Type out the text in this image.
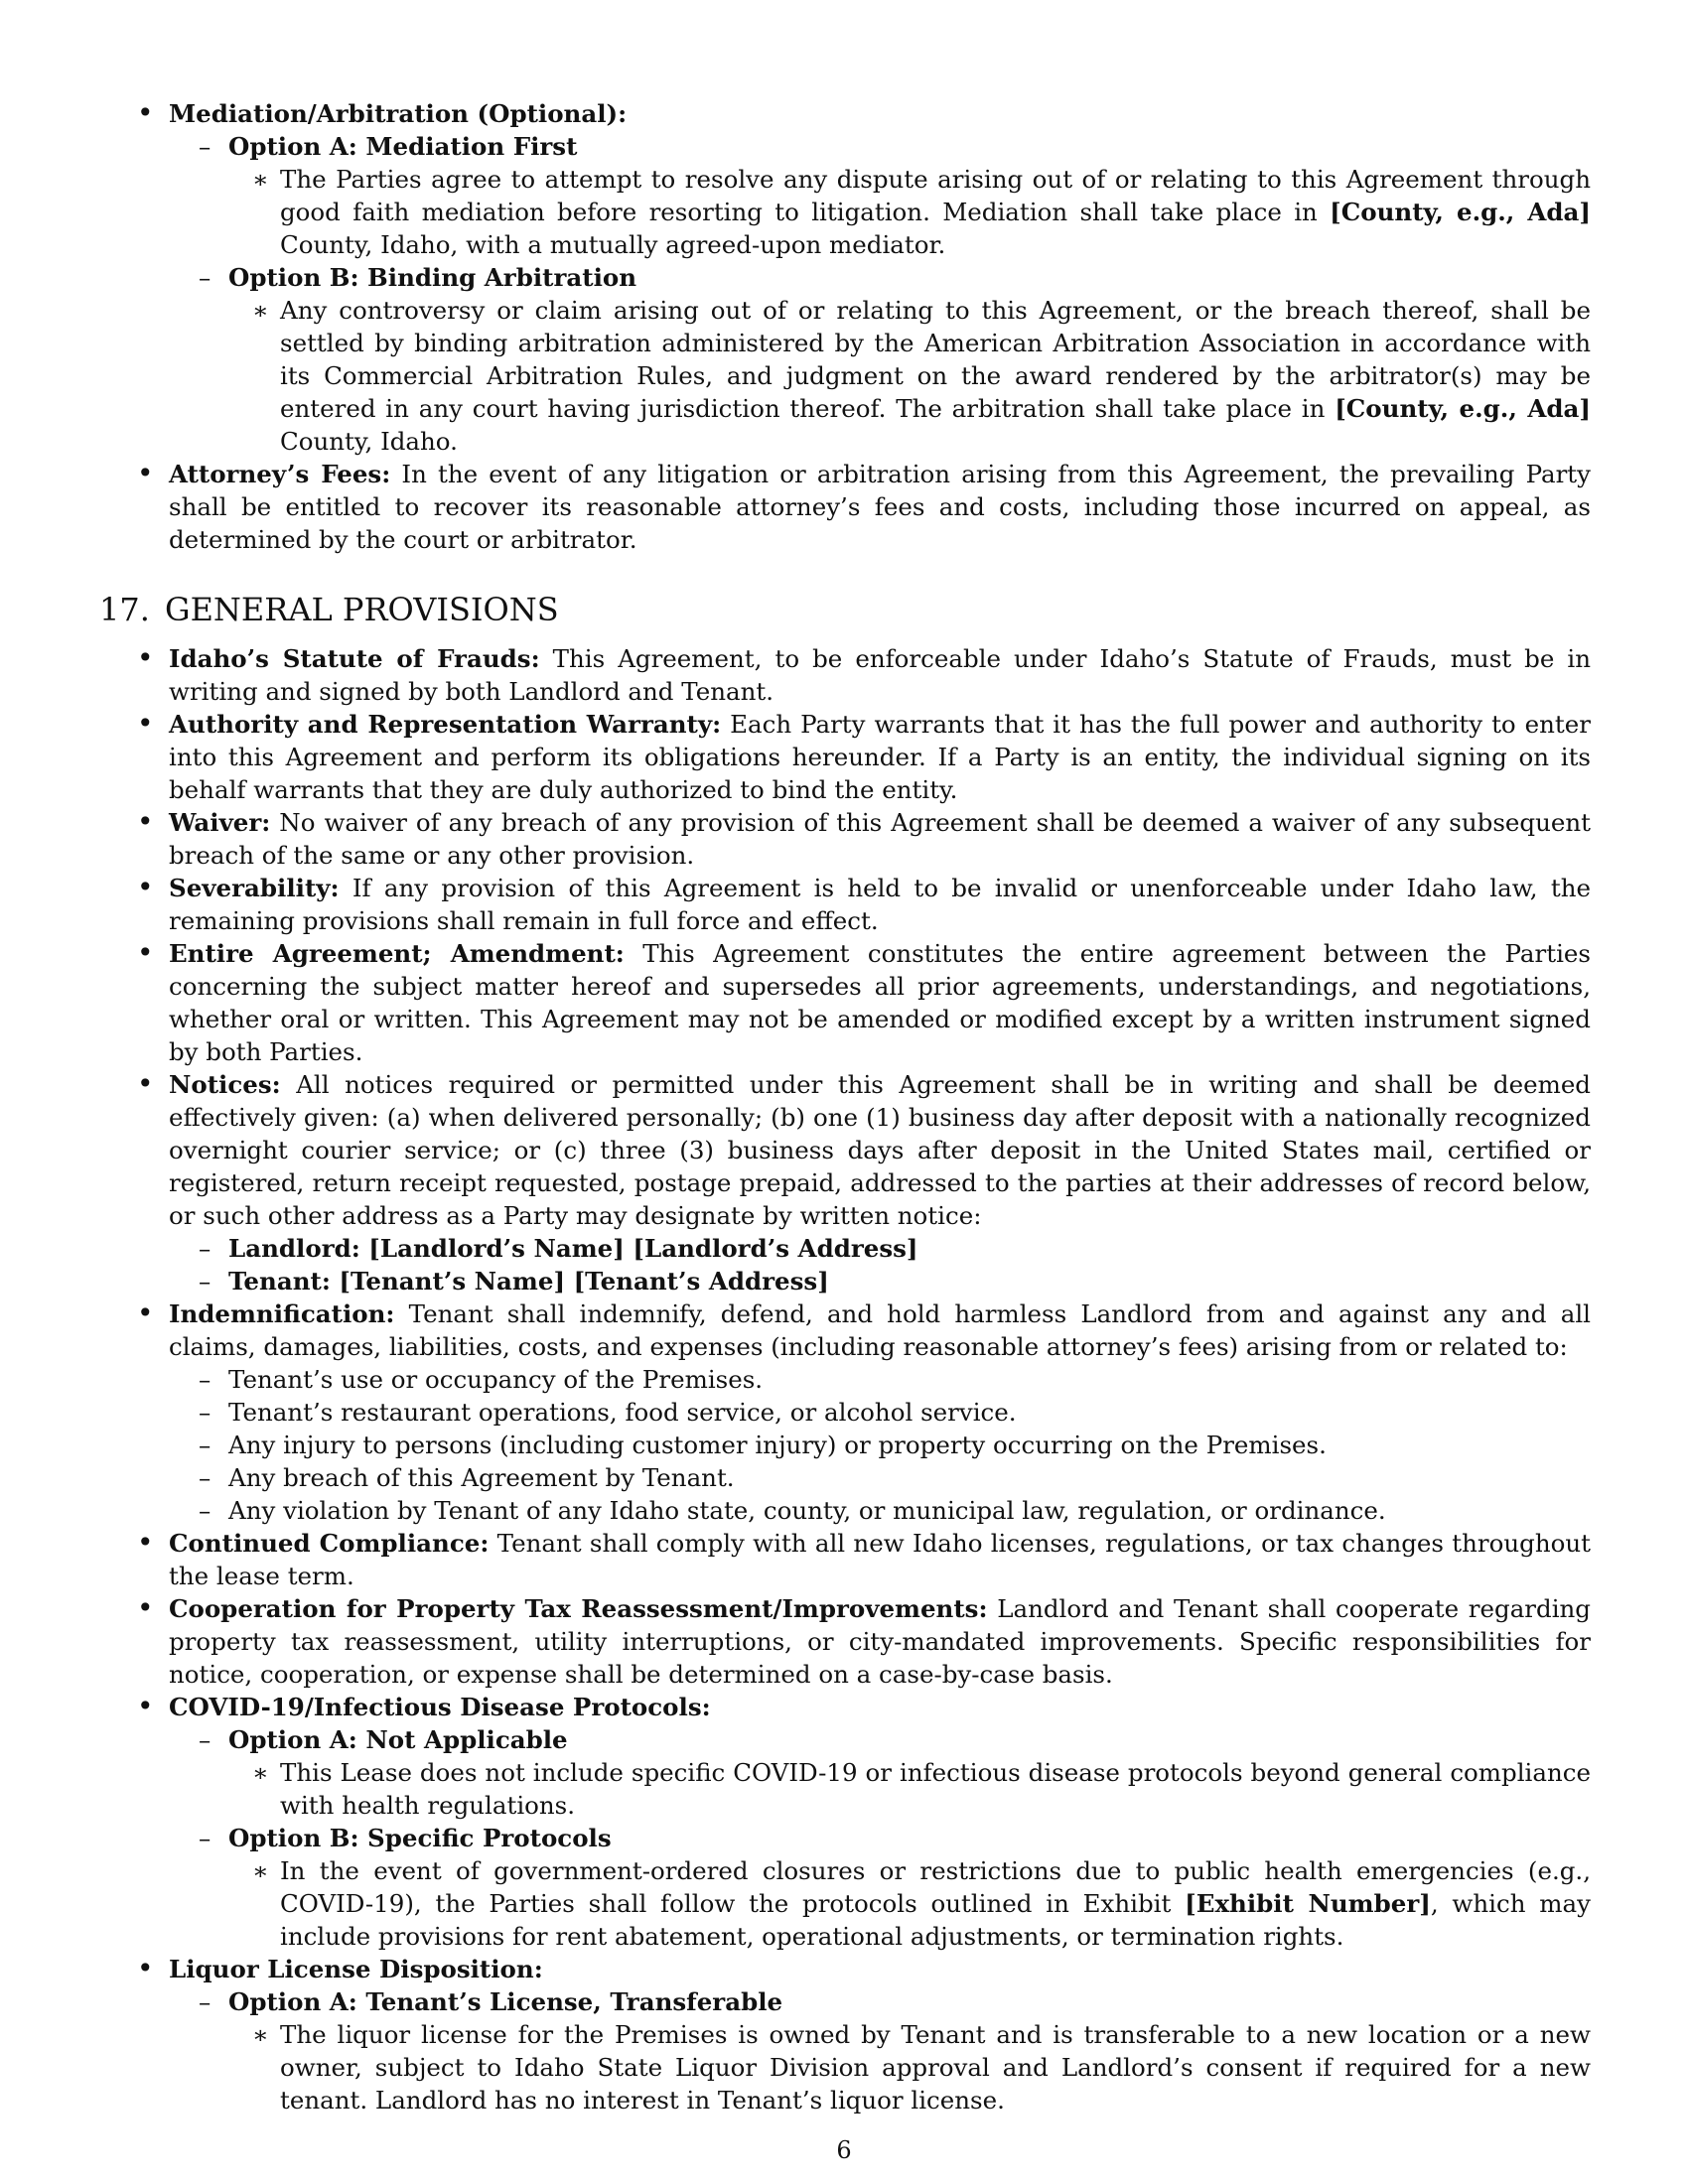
• Mediation/Arbitration (Optional):
– Option A: Mediation First
∗ The Parties agree to attempt to resolve any dispute arising out of or relating to this Agreement through good faith mediation before resorting to litigation. Mediation shall take place in [County, e.g., Ada] County, Idaho, with a mutually agreed-upon mediator.
– Option B: Binding Arbitration
∗ Any controversy or claim arising out of or relating to this Agreement, or the breach thereof, shall be settled by binding arbitration administered by the American Arbitration Association in accordance with its Commercial Arbitration Rules, and judgment on the award rendered by the arbitrator(s) may be entered in any court having jurisdiction thereof. The arbitration shall take place in [County, e.g., Ada] County, Idaho.
• Attorney’s Fees: In the event of any litigation or arbitration arising from this Agreement, the prevailing Party shall be entitled to recover its reasonable attorney’s fees and costs, including those incurred on appeal, as determined by the court or arbitrator.
17. GENERAL PROVISIONS
• Idaho’s Statute of Frauds: This Agreement, to be enforceable under Idaho’s Statute of Frauds, must be in writing and signed by both Landlord and Tenant.
• Authority and Representation Warranty: Each Party warrants that it has the full power and authority to enter into this Agreement and perform its obligations hereunder. If a Party is an entity, the individual signing on its behalf warrants that they are duly authorized to bind the entity.
• Waiver: No waiver of any breach of any provision of this Agreement shall be deemed a waiver of any subsequent breach of the same or any other provision.
• Severability: If any provision of this Agreement is held to be invalid or unenforceable under Idaho law, the remaining provisions shall remain in full force and effect.
• Entire Agreement; Amendment: This Agreement constitutes the entire agreement between the Parties concerning the subject matter hereof and supersedes all prior agreements, understandings, and negotiations, whether oral or written. This Agreement may not be amended or modified except by a written instrument signed by both Parties.
• Notices: All notices required or permitted under this Agreement shall be in writing and shall be deemed effectively given: (a) when delivered personally; (b) one (1) business day after deposit with a nationally recognized overnight courier service; or (c) three (3) business days after deposit in the United States mail, certified or registered, return receipt requested, postage prepaid, addressed to the parties at their addresses of record below, or such other address as a Party may designate by written notice:
– Landlord: [Landlord’s Name] [Landlord’s Address]
– Tenant: [Tenant’s Name] [Tenant’s Address]
• Indemnification: Tenant shall indemnify, defend, and hold harmless Landlord from and against any and all claims, damages, liabilities, costs, and expenses (including reasonable attorney’s fees) arising from or related to:
– Tenant’s use or occupancy of the Premises.
– Tenant’s restaurant operations, food service, or alcohol service.
– Any injury to persons (including customer injury) or property occurring on the Premises.
– Any breach of this Agreement by Tenant.
– Any violation by Tenant of any Idaho state, county, or municipal law, regulation, or ordinance.
• Continued Compliance: Tenant shall comply with all new Idaho licenses, regulations, or tax changes throughout the lease term.
• Cooperation for Property Tax Reassessment/Improvements: Landlord and Tenant shall cooperate regarding property tax reassessment, utility interruptions, or city-mandated improvements. Specific responsibilities for notice, cooperation, or expense shall be determined on a case-by-case basis.
• COVID-19/Infectious Disease Protocols:
– Option A: Not Applicable
∗ This Lease does not include specific COVID-19 or infectious disease protocols beyond general compliance with health regulations.
– Option B: Specific Protocols
∗ In the event of government-ordered closures or restrictions due to public health emergencies (e.g., COVID-19), the Parties shall follow the protocols outlined in Exhibit [Exhibit Number], which may include provisions for rent abatement, operational adjustments, or termination rights.
• Liquor License Disposition:
– Option A: Tenant’s License, Transferable
∗ The liquor license for the Premises is owned by Tenant and is transferable to a new location or a new owner, subject to Idaho State Liquor Division approval and Landlord’s consent if required for a new tenant. Landlord has no interest in Tenant’s liquor license.
6
